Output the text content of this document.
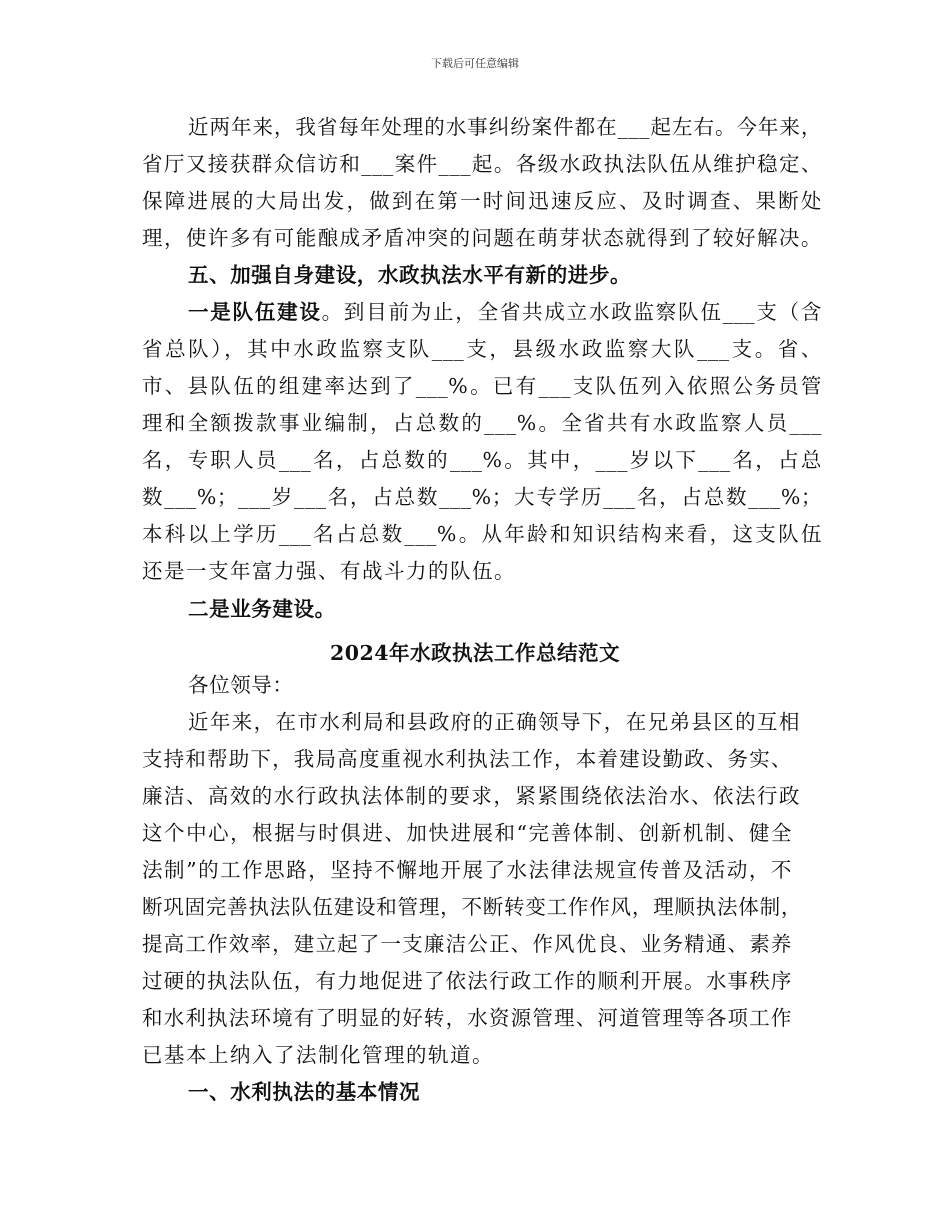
下载后可任意编辑
近两年来，我省每年处理的水事纠纷案件都在___起左右。今年来，
省厅又接获群众信访和___案件___起。各级水政执法队伍从维护稳定、
保障进展的大局出发，做到在第一时间迅速反应、及时调查、果断处
理，使许多有可能酿成矛盾冲突的问题在萌芽状态就得到了较好解决。
五、加强自身建设，水政执法水平有新的进步。
一是队伍建设。到目前为止，全省共成立水政监察队伍___支（含
省总队），其中水政监察支队___支，县级水政监察大队___支。省、
市、县队伍的组建率达到了___%。已有___支队伍列入依照公务员管
理和全额拨款事业编制，占总数的___%。全省共有水政监察人员___
名，专职人员___名，占总数的___%。其中，___岁以下___名，占总
数___%；___岁___名，占总数___%；大专学历___名，占总数___%；
本科以上学历___名占总数___%。从年龄和知识结构来看，这支队伍
还是一支年富力强、有战斗力的队伍。
二是业务建设。
2024年水政执法工作总结范文
各位领导：
近年来，在市水利局和县政府的正确领导下，在兄弟县区的互相
支持和帮助下，我局高度重视水利执法工作，本着建设勤政、务实、
廉洁、高效的水行政执法体制的要求，紧紧围绕依法治水、依法行政
这个中心，根据与时俱进、加快进展和“完善体制、创新机制、健全
法制”的工作思路，坚持不懈地开展了水法律法规宣传普及活动，不
断巩固完善执法队伍建设和管理，不断转变工作作风，理顺执法体制，
提高工作效率，建立起了一支廉洁公正、作风优良、业务精通、素养
过硬的执法队伍，有力地促进了依法行政工作的顺利开展。水事秩序
和水利执法环境有了明显的好转，水资源管理、河道管理等各项工作
已基本上纳入了法制化管理的轨道。
一、水利执法的基本情况
